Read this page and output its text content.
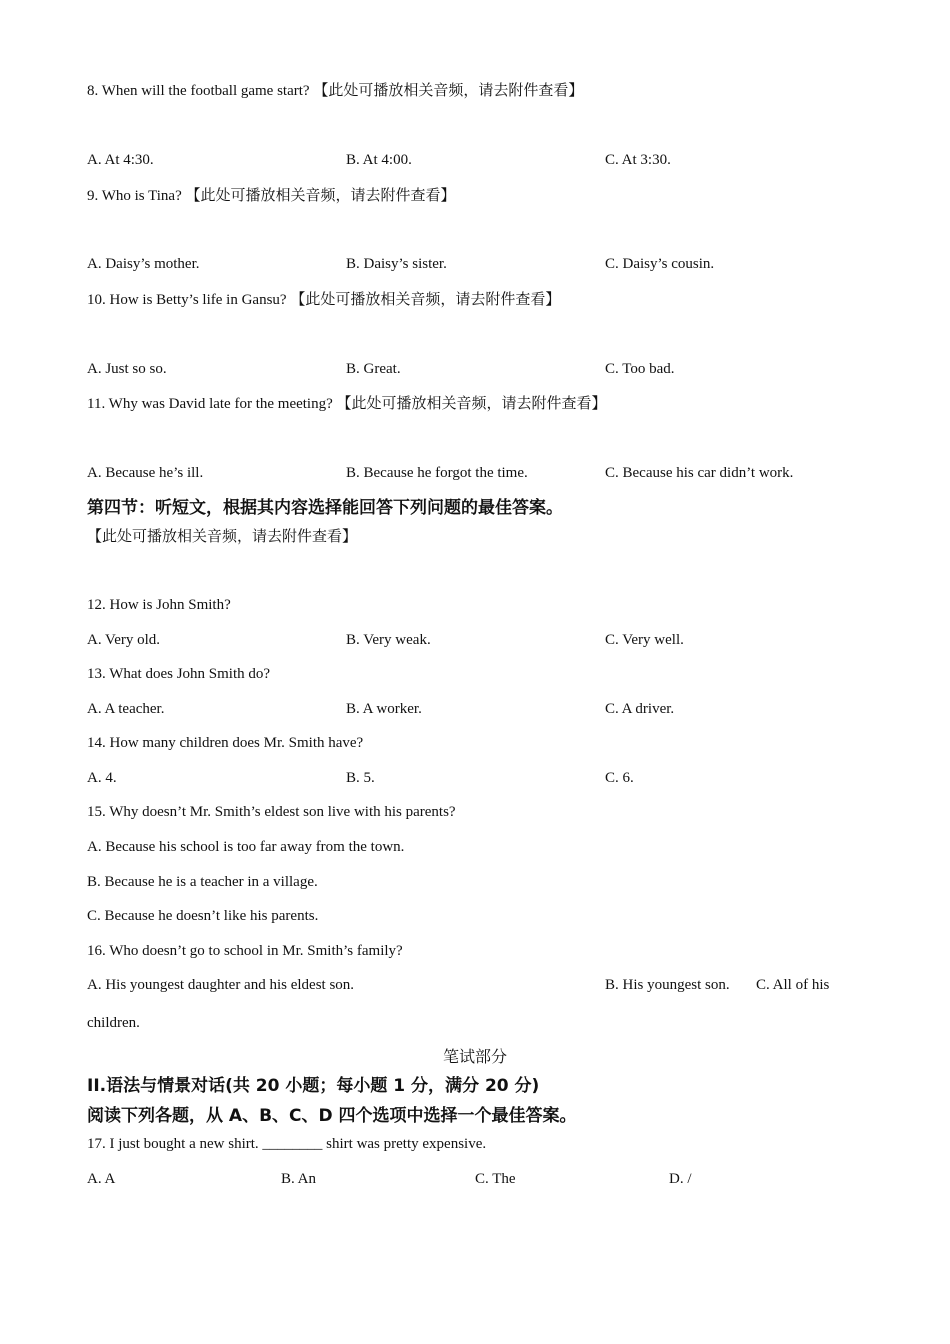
8. When will the football game start? 【此处可播放相关音频，请去附件查看】
A. At 4:30.	B. At 4:00.	C. At 3:30.
9. Who is Tina? 【此处可播放相关音频，请去附件查看】
A. Daisy’s mother.	B. Daisy’s sister.	C. Daisy’s cousin.
10. How is Betty’s life in Gansu? 【此处可播放相关音频，请去附件查看】
A. Just so so.	B. Great.	C. Too bad.
11. Why was David late for the meeting? 【此处可播放相关音频，请去附件查看】
A. Because he’s ill.	B. Because he forgot the time.	C. Because his car didn’t work.
第四节：听短文，根据其内容选择能回答下列问题的最佳答案。
【此处可播放相关音频，请去附件查看】
12. How is John Smith?
A. Very old.	B. Very weak.	C. Very well.
13. What does John Smith do?
A. A teacher.	B. A worker.	C. A driver.
14. How many children does Mr. Smith have?
A. 4.	B. 5.	C. 6.
15. Why doesn’t Mr. Smith’s eldest son live with his parents?
A. Because his school is too far away from the town.
B. Because he is a teacher in a village.
C. Because he doesn’t like his parents.
16. Who doesn’t go to school in Mr. Smith’s family?
A. His youngest daughter and his eldest son.	B. His youngest son. C. All of his
children.
笔试部分
II.语法与情景对话(共 20 小题；每小题 1 分，满分 20 分)
阅读下列各题，从 A、B、C、D 四个选项中选择一个最佳答案。
17. I just bought a new shirt. ________ shirt was pretty expensive.
A. A	B. An	C. The	D. /
